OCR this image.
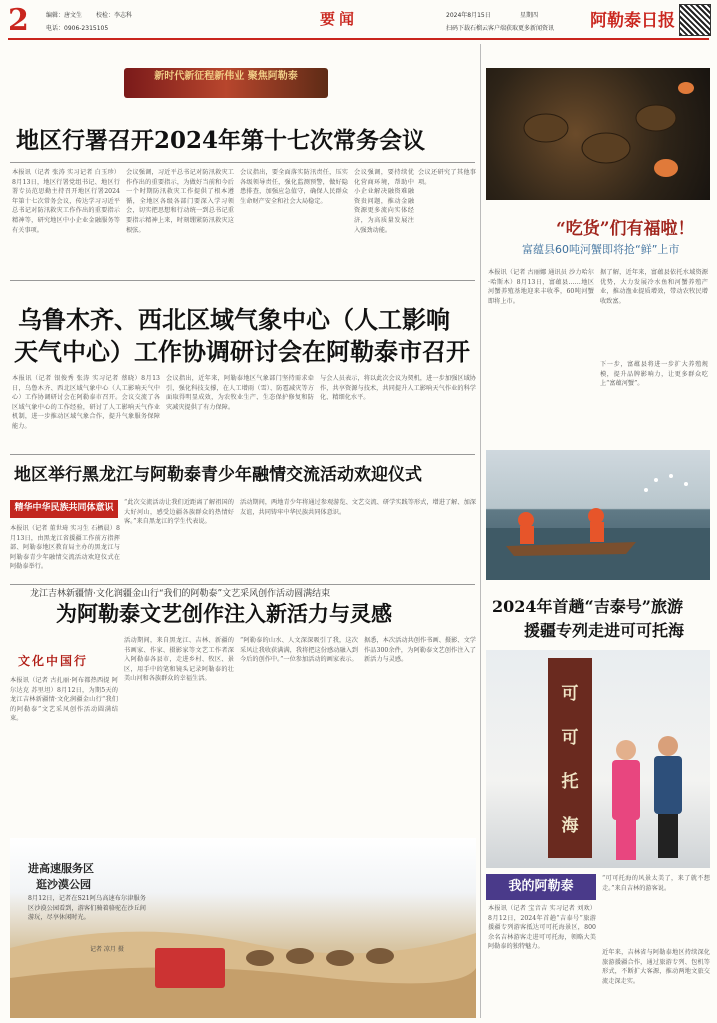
2	编辑：唐文生 校检：李志科
电话：0906-2315105
要闻	2024年8月15日	星期四
扫码下载石榴云客户端获取更多新闻资讯 阿勒泰日报
新时代新征程新伟业 聚焦阿勒泰
地区行署召开2024年第十七次常务会议
本报讯（记者 张涛 实习记者 白玉珍）8月13日，地区行署党组书记、地区行署专员范思勤主持召开地区行署2024年第十七次常务会议，传达学习习近平总书记对防汛救灾工作作出的重要指示精神等，研究地区中小企业金融服务等有关事项。
会议强调，习近平总书记对防汛救灾工作作出的重要指示，为做好当前和今后一个时期防汛救灾工作提供了根本遵循，全地区各级各部门要深入学习领会，切实把思想和行动统一到总书记重要指示精神上来，时刻绷紧防汛救灾这根弦。
会议指出，要全面落实防汛责任，压实各级领导责任，强化监测预警，做好隐患排查，加强应急值守，确保人民群众生命财产安全和社会大局稳定。
会议强调，要持续优化营商环境，帮助中小企业解决融资难融资贵问题，推动金融资源更多流向实体经济，为高质量发展注入强劲动能。
会议还研究了其他事项。
乌鲁木齐、西北区域气象中心（人工影响
天气中心）工作协调研讨会在阿勒泰市召开
本报讯（记者 银俊秀 张涛 实习记者 蔡晓）8月13日，乌鲁木齐、西北区域气象中心（人工影响天气中心）工作协调研讨会在阿勒泰市召开。会议交流了各区域气象中心的工作经验，研讨了人工影响天气作业机制，进一步推动区域气象合作，提升气象服务保障能力。
会议指出，近年来，阿勒泰地区气象部门坚持需求牵引，强化科技支撑，在人工增雨（雪）、防雹减灾等方面取得明显成效，为农牧业生产、生态保护修复和防灾减灾提供了有力保障。
与会人员表示，将以此次会议为契机，进一步加强区域协作，共享资源与技术，共同提升人工影响天气作业的科学化、精细化水平。
地区举行黑龙江与阿勒泰青少年融情交流活动欢迎仪式
精华中华民族共同体意识
本报讯（记者 董世琦 实习生 石栖晨）8月13日，由黑龙江省援疆工作前方指挥部、阿勒泰地区教育局主办的黑龙江与阿勒泰青少年融情交流活动欢迎仪式在阿勒泰举行。
“此次交流活动让我们近距离了解祖国的大好河山，感受边疆各族群众的热情好客。”来自黑龙江的学生代表说。
活动期间，两地青少年将通过参观游览、文艺交流、研学实践等形式，增进了解、加深友谊，共同铸牢中华民族共同体意识。
龙江吉林新疆情·文化润疆金山行“我们的阿勒泰”文艺采风创作活动圆满结束
为阿勒泰文艺创作注入新活力与灵感
文化中国行
本报讯（记者 古扎丽·阿布都热西提 阿尔达克 苏里坦）8月12日，为期5天的龙江吉林新疆情·文化润疆金山行“我们的阿勒泰”文艺采风创作活动圆满结束。
活动期间，来自黑龙江、吉林、新疆的书画家、作家、摄影家等文艺工作者深入阿勒泰各县市，走进乡村、牧区、景区，用手中的笔和镜头记录阿勒泰的壮美山河和各族群众的幸福生活。
“阿勒泰的山水、人文深深吸引了我，这次采风让我收获满满，我将把这份感动融入到今后的创作中。”一位参加活动的画家表示。
据悉，本次活动共创作书画、摄影、文学作品300余件，为阿勒泰文艺创作注入了新活力与灵感。
进高速服务区
逛沙漠公园
8月12日，记者在S21阿乌高速布尔津服务区沙漠公园看到，游客们骑着骆驼在沙丘间游玩，尽享休闲时光。
记者 凉月 摄
“吃货”们有福啦！
富蕴县60吨河蟹即将抢“鲜”上市
本报讯（记者 古丽娜 通讯员 沙力哈尔·哈斯木）8月13日，富蕴县……地区河蟹养殖基地迎来丰收季，60吨河蟹即将上市。
据了解，近年来，富蕴县依托水域资源优势，大力发展冷水鱼和河蟹养殖产业，推动渔业提质增效，带动农牧民增收致富。
下一步，富蕴县将进一步扩大养殖规模，提升品牌影响力，让更多群众吃上“富蕴河蟹”。
2024年首趟“吉泰号”旅游
援疆专列走进可可托海
可
可
托
海
我的阿勒泰
“可可托海的风景太美了，来了就不想走。”来自吉林的游客说。
本报讯（记者 宝音吉 实习记者 刘欢）8月12日，2024年首趟“吉泰号”旅游援疆专列游客抵达可可托海景区，800余名吉林游客走进可可托海，领略大美阿勒泰的独特魅力。
近年来，吉林省与阿勒泰地区持续深化旅游援疆合作，通过旅游专列、包机等形式，不断扩大客源，推动两地文旅交流走深走实。
